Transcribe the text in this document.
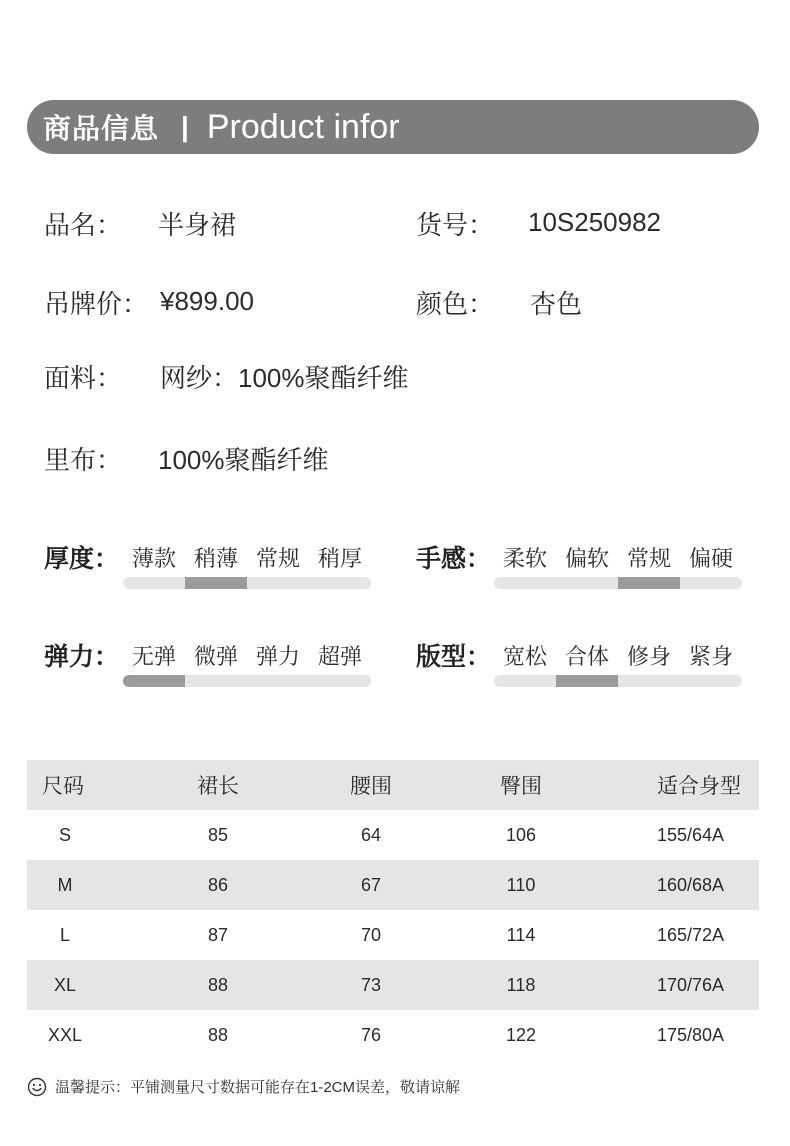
商品信息 | Product infor
品名： 半身裙	货号： 10S250982
吊牌价： ¥899.00	颜色： 杏色
面料： 网纱：100%聚酯纤维
里布： 100%聚酯纤维
厚度： 薄款 稍薄 常规 稍厚	手感： 柔软 偏软 常规 偏硬
弹力： 无弹 微弹 弹力 超弹	版型： 宽松 合体 修身 紧身
尺码	裙长	腰围	臀围	适合身型
S	85	64	106	155/64A
M	86	67	110	160/68A
L	87	70	114	165/72A
XL	88	73	118	170/76A
XXL	88	76	122	175/80A
温馨提示：平铺测量尺寸数据可能存在1-2CM误差，敬请谅解
